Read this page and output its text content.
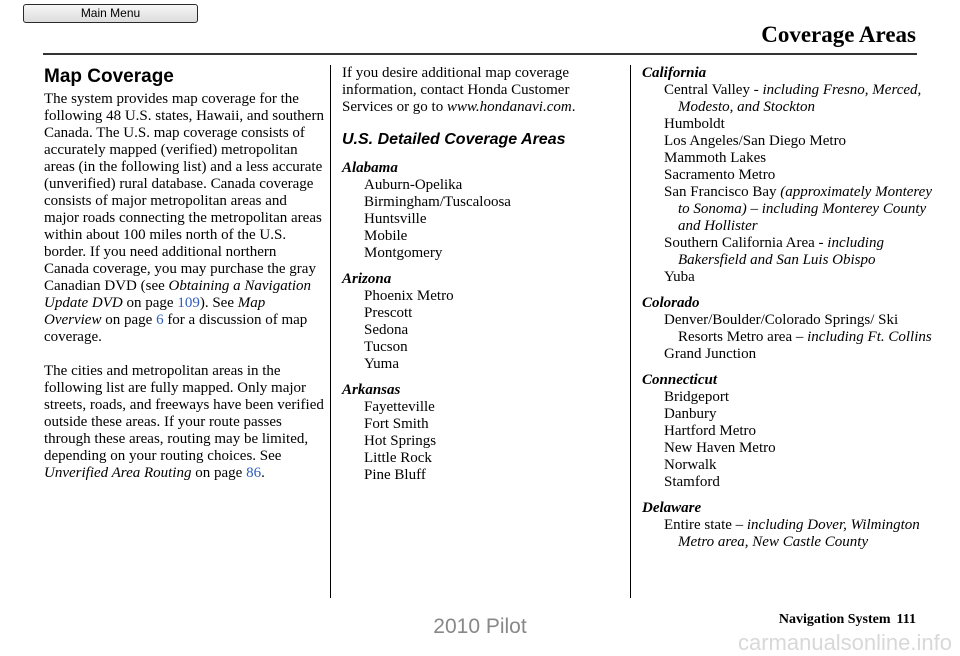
Main Menu
Coverage Areas
Map Coverage

The system provides map coverage for the following 48 U.S. states, Hawaii, and southern Canada. The U.S. map coverage consists of accurately mapped (verified) metropolitan areas (in the following list) and a less accurate (unverified) rural database. Canada coverage consists of major metropolitan areas and major roads connecting the metropolitan areas within about 100 miles north of the U.S. border. If you need additional northern Canada coverage, you may purchase the gray Canadian DVD (see Obtaining a Navigation Update DVD on page 109). See Map Overview on page 6 for a discussion of map coverage.

The cities and metropolitan areas in the following list are fully mapped. Only major streets, roads, and freeways have been verified outside these areas. If your route passes through these areas, routing may be limited, depending on your routing choices. See Unverified Area Routing on page 86.

If you desire additional map coverage information, contact Honda Customer Services or go to www.hondanavi.com.

U.S. Detailed Coverage Areas
Alabama
Auburn-Opelika
Birmingham/Tuscaloosa
Huntsville
Mobile
Montgomery
Arizona
Phoenix Metro
Prescott
Sedona
Tucson
Yuma
Arkansas
Fayetteville
Fort Smith
Hot Springs
Little Rock
Pine Bluff
California
Central Valley - including Fresno, Merced, Modesto, and Stockton
Humboldt
Los Angeles/San Diego Metro
Mammoth Lakes
Sacramento Metro
San Francisco Bay (approximately Monterey to Sonoma) – including Monterey County and Hollister
Southern California Area - including Bakersfield and San Luis Obispo
Yuba
Colorado
Denver/Boulder/Colorado Springs/ Ski Resorts Metro area – including Ft. Collins
Grand Junction
Connecticut
Bridgeport
Danbury
Hartford Metro
New Haven Metro
Norwalk
Stamford
Delaware
Entire state – including Dover, Wilmington Metro area, New Castle County
Navigation System 111
2010 Pilot
carmanualsonline.info
